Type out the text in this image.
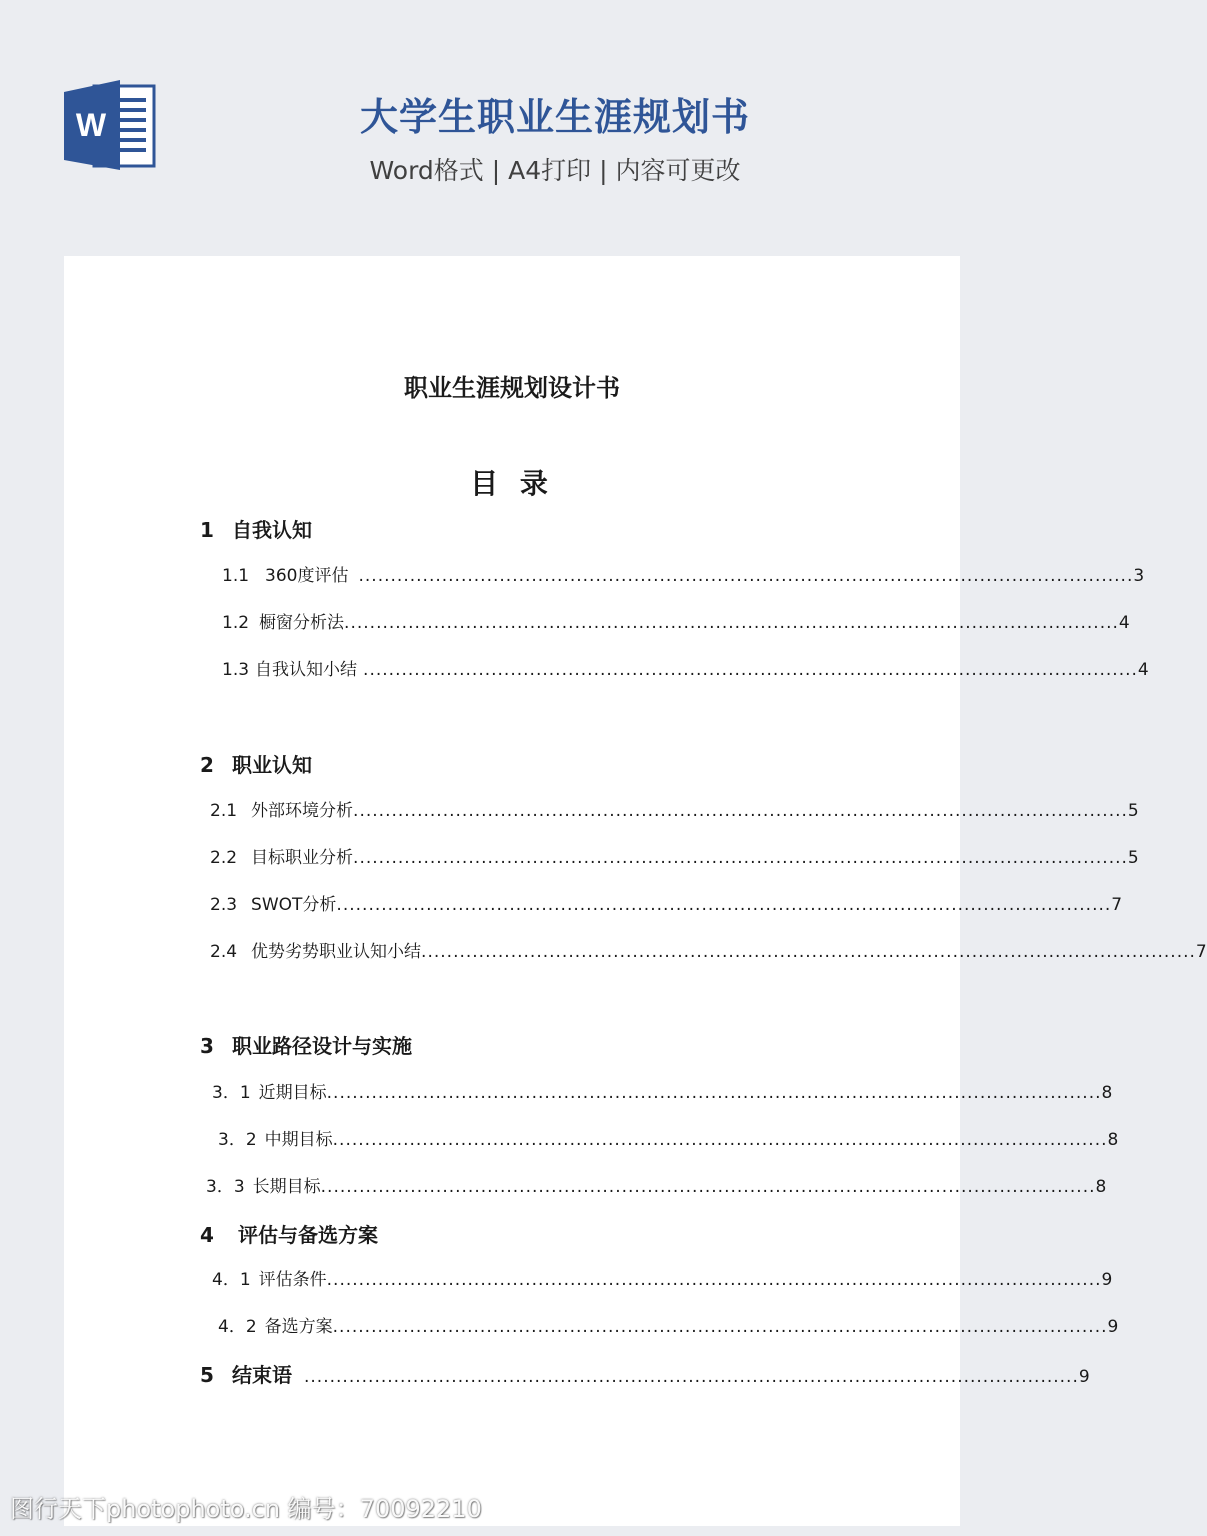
W	大学生职业生涯规划书
Word格式 | A4打印 | 内容可更改
职业生涯规划设计书
目 录
1 自我认知
1.1 360度评估 ......................................................................................................................... 3
1.2 橱窗分析法 ......................................................................................................................... 4
1.3 自我认知小结 ......................................................................................................................... 4
2 职业认知
2.1 外部环境分析 ......................................................................................................................... 5
2.2 目标职业分析 ......................................................................................................................... 5
2.3 SWOT分析 ......................................................................................................................... 7
2.4 优势劣势职业认知小结 ......................................................................................................................... 7
3 职业路径设计与实施
3．1 近期目标 ......................................................................................................................... 8
3．2 中期目标 ......................................................................................................................... 8
3．3 长期目标 ......................................................................................................................... 8
4 评估与备选方案
4．1 评估条件 ......................................................................................................................... 9
4．2 备选方案 ......................................................................................................................... 9
5 结束语 ......................................................................................................................... 9
图行天下photophoto.cn 编号：70092210
